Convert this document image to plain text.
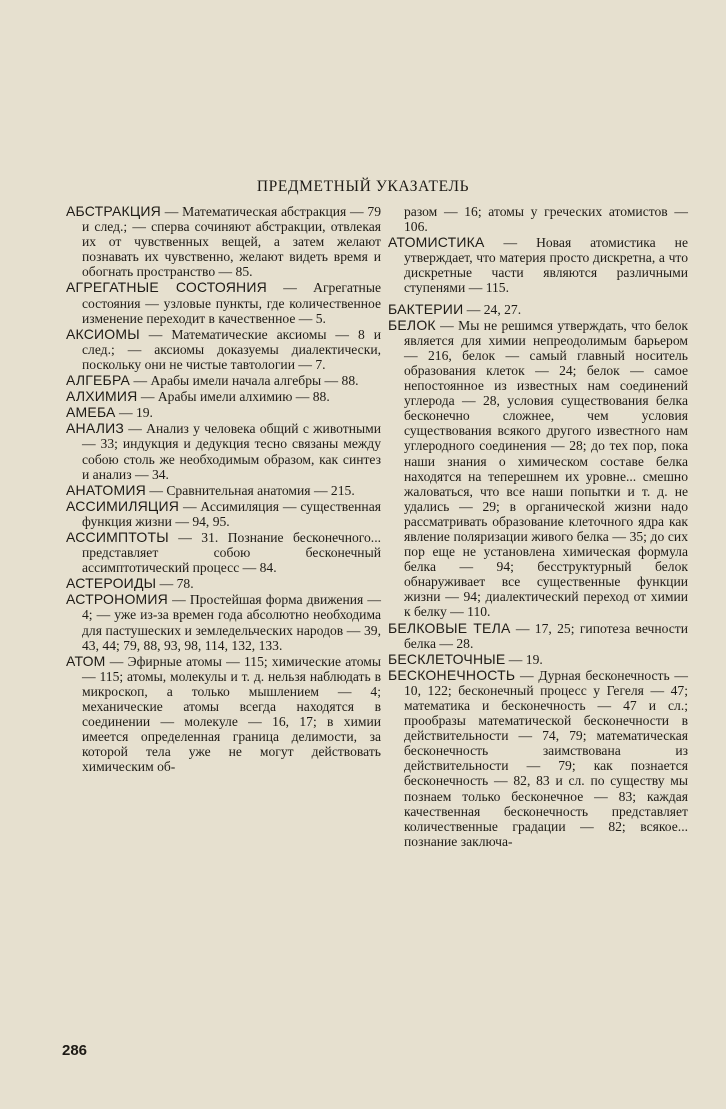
ПРЕДМЕТНЫЙ УКАЗАТЕЛЬ

АБСТРАКЦИЯ — Математическая абстракция — 79 и след.; — сперва сочиняют абстракции, отвлекая их от чувственных вещей, а затем желают познавать их чувственно, желают видеть время и обогнать пространство — 85.

АГРЕГАТНЫЕ СОСТОЯНИЯ — Агрегатные состояния — узловые пункты, где количественное изменение переходит в качественное — 5.

АКСИОМЫ — Математические аксиомы — 8 и след.; — аксиомы доказуемы диалектически, поскольку они не чистые тавтологии — 7.

АЛГЕБРА — Арабы имели начала алгебры — 88.

АЛХИМИЯ — Арабы имели алхимию — 88.

АМЕБА — 19.

АНАЛИЗ — Анализ у человека общий с животными — 33; индукция и дедукция тесно связаны между собою столь же необходимым образом, как синтез и анализ — 34.

АНАТОМИЯ — Сравнительная анатомия — 215.

АССИМИЛЯЦИЯ — Ассимиляция — существенная функция жизни — 94, 95.

АССИМПТОТЫ — 31. Познание бесконечного... представляет собою бесконечный ассимптотический процесс — 84.

АСТЕРОИДЫ — 78.

АСТРОНОМИЯ — Простейшая форма движения — 4; — уже из-за времен года абсолютно необходима для пастушеских и земледельческих народов — 39, 43, 44; 79, 88, 93, 98, 114, 132, 133.

АТОМ — Эфирные атомы — 115; химические атомы — 115; атомы, молекулы и т. д. нельзя наблюдать в микроскоп, а только мышлением — 4; механические атомы всегда находятся в соединении — молекуле — 16, 17; в химии имеется определенная граница делимости, за которой тела уже не могут действовать химическим об-

разом — 16; атомы у греческих атомистов — 106.

АТОМИСТИКА — Новая атомистика не утверждает, что материя просто дискретна, а что дискретные части являются различными ступенями — 115.

БАКТЕРИИ — 24, 27.

БЕЛОК — Мы не решимся утверждать, что белок является для химии непреодолимым барьером — 216, белок — самый главный носитель образования клеток — 24; белок — самое непостоянное из известных нам соединений углерода — 28, условия существования белка бесконечно сложнее, чем условия существования всякого другого известного нам углеродного соединения — 28; до тех пор, пока наши знания о химическом составе белка находятся на теперешнем их уровне... смешно жаловаться, что все наши попытки и т. д. не удались — 29; в органической жизни надо рассматривать образование клеточного ядра как явление поляризации живого белка — 35; до сих пор еще не установлена химическая формула белка — 94; бесструктурный белок обнаруживает все существенные функции жизни — 94; диалектический переход от химии к белку — 110.

БЕЛКОВЫЕ ТЕЛА — 17, 25; гипотеза вечности белка — 28.

БЕСКЛЕТОЧНЫЕ — 19.

БЕСКОНЕЧНОСТЬ — Дурная бесконечность — 10, 122; бесконечный процесс у Гегеля — 47; математика и бесконечность — 47 и сл.; прообразы математической бесконечности в действительности — 74, 79; математическая бесконечность заимствована из действительности — 79; как познается бесконечность — 82, 83 и сл. по существу мы познаем только бесконечное — 83; каждая качественная бесконечность представляет количественные градации — 82; всякое... познание заключа-

286
